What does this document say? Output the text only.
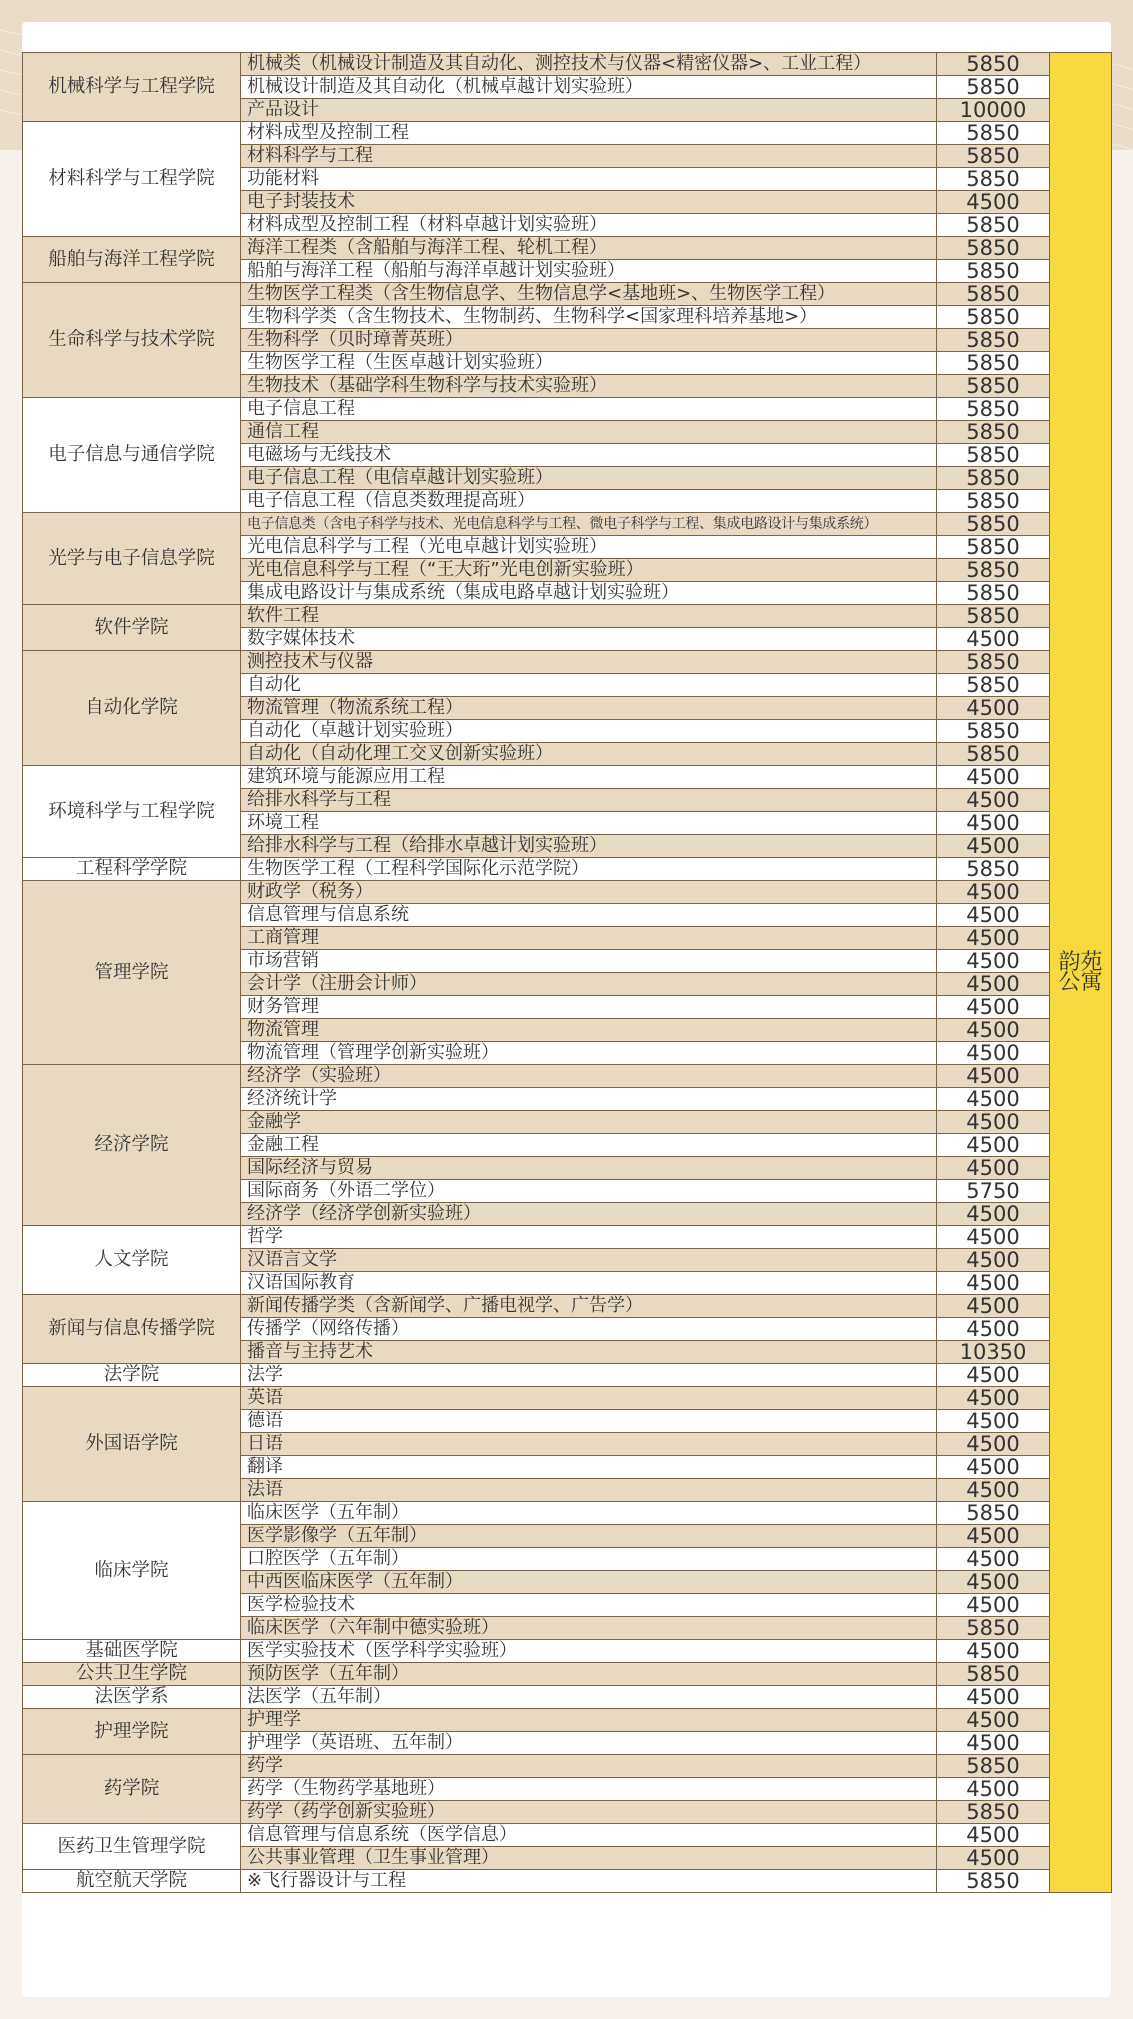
机械科学与工程学院	机械类（机械设计制造及其自动化、测控技术与仪器<精密仪器>、工业工程）	5850	韵苑公寓
	机械设计制造及其自动化（机械卓越计划实验班）	5850	
	产品设计	10000	
材料科学与工程学院	材料成型及控制工程	5850	
	材料科学与工程	5850	
	功能材料	5850	
	电子封装技术	4500	
	材料成型及控制工程（材料卓越计划实验班）	5850	
船舶与海洋工程学院	海洋工程类（含船舶与海洋工程、轮机工程）	5850	
	船舶与海洋工程（船舶与海洋卓越计划实验班）	5850	
生命科学与技术学院	生物医学工程类（含生物信息学、生物信息学<基地班>、生物医学工程）	5850	
	生物科学类（含生物技术、生物制药、生物科学<国家理科培养基地>）	5850	
	生物科学（贝时璋菁英班）	5850	
	生物医学工程（生医卓越计划实验班）	5850	
	生物技术（基础学科生物科学与技术实验班）	5850	
电子信息与通信学院	电子信息工程	5850	
	通信工程	5850	
	电磁场与无线技术	5850	
	电子信息工程（电信卓越计划实验班）	5850	
	电子信息工程（信息类数理提高班）	5850	
光学与电子信息学院	电子信息类（含电子科学与技术、光电信息科学与工程、微电子科学与工程、集成电路设计与集成系统）	5850	
	光电信息科学与工程（光电卓越计划实验班）	5850	
	光电信息科学与工程（“王大珩”光电创新实验班）	5850	
	集成电路设计与集成系统（集成电路卓越计划实验班）	5850	
软件学院	软件工程	5850	
	数字媒体技术	4500	
自动化学院	测控技术与仪器	5850	
	自动化	5850	
	物流管理（物流系统工程）	4500	
	自动化（卓越计划实验班）	5850	
	自动化（自动化理工交叉创新实验班）	5850	
环境科学与工程学院	建筑环境与能源应用工程	4500	
	给排水科学与工程	4500	
	环境工程	4500	
	给排水科学与工程（给排水卓越计划实验班）	4500	
工程科学学院	生物医学工程（工程科学国际化示范学院）	5850	
管理学院	财政学（税务）	4500	
	信息管理与信息系统	4500	
	工商管理	4500	
	市场营销	4500	
	会计学（注册会计师）	4500	
	财务管理	4500	
	物流管理	4500	
	物流管理（管理学创新实验班）	4500	
经济学院	经济学（实验班）	4500	
	经济统计学	4500	
	金融学	4500	
	金融工程	4500	
	国际经济与贸易	4500	
	国际商务（外语二学位）	5750	
	经济学（经济学创新实验班）	4500	
人文学院	哲学	4500	
	汉语言文学	4500	
	汉语国际教育	4500	
新闻与信息传播学院	新闻传播学类（含新闻学、广播电视学、广告学）	4500	
	传播学（网络传播）	4500	
	播音与主持艺术	10350	
法学院	法学	4500	
外国语学院	英语	4500	
	德语	4500	
	日语	4500	
	翻译	4500	
	法语	4500	
临床学院	临床医学（五年制）	5850	
	医学影像学（五年制）	4500	
	口腔医学（五年制）	4500	
	中西医临床医学（五年制）	4500	
	医学检验技术	4500	
	临床医学（六年制中德实验班）	5850	
基础医学院	医学实验技术（医学科学实验班）	4500	
公共卫生学院	预防医学（五年制）	5850	
法医学系	法医学（五年制）	4500	
护理学院	护理学	4500	
	护理学（英语班、五年制）	4500	
药学院	药学	5850	
	药学（生物药学基地班）	4500	
	药学（药学创新实验班）	5850	
医药卫生管理学院	信息管理与信息系统（医学信息）	4500	
	公共事业管理（卫生事业管理）	4500	
航空航天学院	※飞行器设计与工程	5850	
